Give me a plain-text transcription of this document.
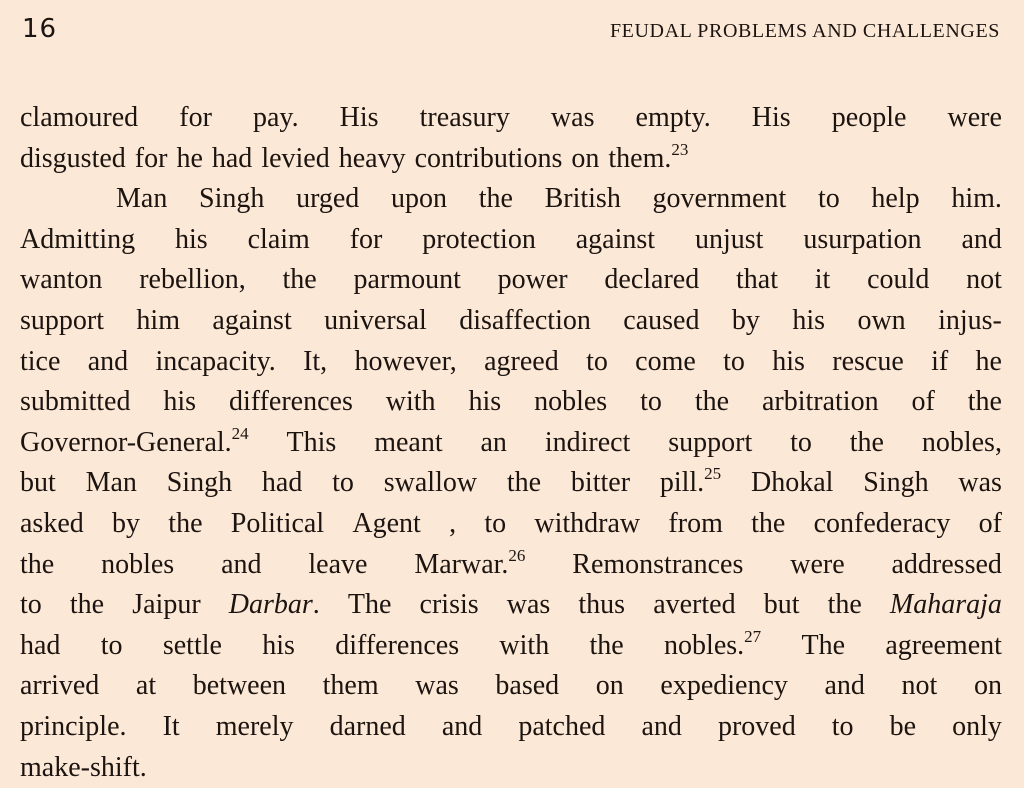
16	FEUDAL PROBLEMS AND CHALLENGES
clamoured for pay. His treasury was empty. His people were
disgusted for he had levied heavy contributions on them.$^{23}$
Man Singh urged upon the British government to help him.
Admitting his claim for protection against unjust usurpation and
wanton rebellion, the parmount power declared that it could not
support him against universal disaffection caused by his own injus-
tice and incapacity. It, however, agreed to come to his rescue if he
submitted his differences with his nobles to the arbitration of the
Governor-General.$^{24}$ This meant an indirect support to the nobles,
but Man Singh had to swallow the bitter pill.$^{25}$ Dhokal Singh was
asked by the Political Agent , to withdraw from the confederacy of
the nobles and leave Marwar.$^{26}$ Remonstrances were addressed
to the Jaipur Darbar. The crisis was thus averted but the Maharaja
had to settle his differences with the nobles.$^{27}$ The agreement
arrived at between them was based on expediency and not on
principle. It merely darned and patched and proved to be only
make-shift.
